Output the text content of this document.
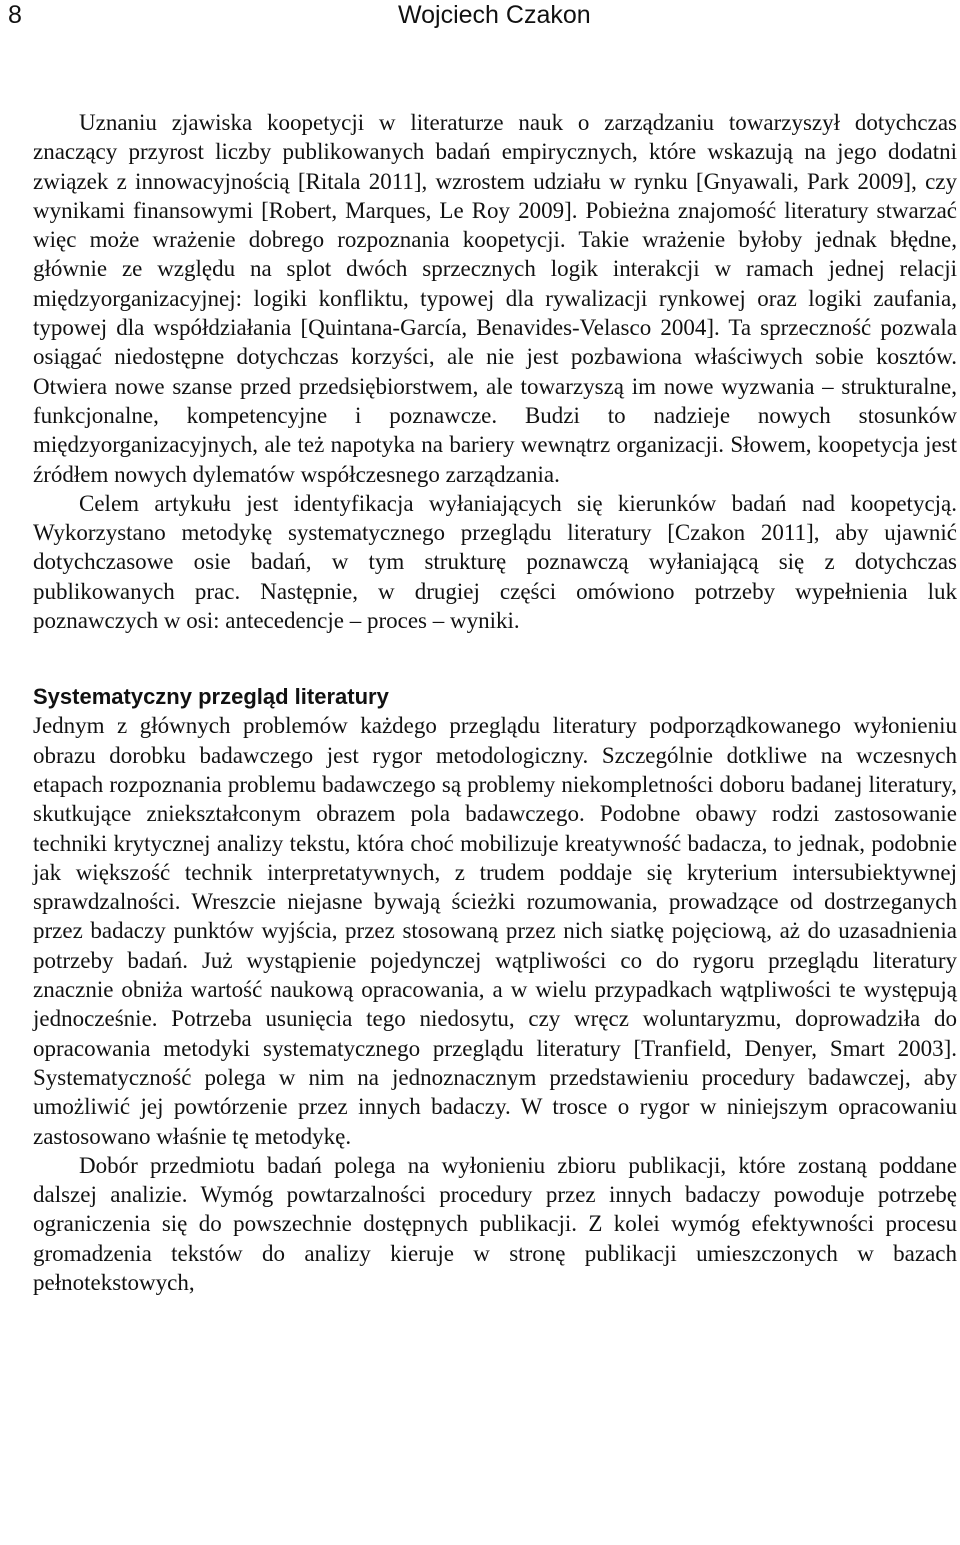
8	Wojciech Czakon

Uznaniu zjawiska koopetycji w literaturze nauk o zarządzaniu towarzyszył dotychczas znaczący przyrost liczby publikowanych badań empirycznych, które wskazują na jego dodatni związek z innowacyjnością [Ritala 2011], wzrostem udziału w rynku [Gnyawali, Park 2009], czy wynikami finansowymi [Robert, Marques, Le Roy 2009]. Pobieżna znajomość literatury stwarzać więc może wrażenie dobrego rozpoznania koopetycji. Takie wrażenie byłoby jednak błędne, głównie ze względu na splot dwóch sprzecznych logik interakcji w ramach jednej relacji międzyorganizacyjnej: logiki konfliktu, typowej dla rywalizacji rynkowej oraz logiki zaufania, typowej dla współdziałania [Quintana-García, Benavides-Velasco 2004]. Ta sprzeczność pozwala osiągać niedostępne dotychczas korzyści, ale nie jest pozbawiona właściwych sobie kosztów. Otwiera nowe szanse przed przedsiębiorstwem, ale towarzyszą im nowe wyzwania – strukturalne, funkcjonalne, kompetencyjne i poznawcze. Budzi to nadzieje nowych stosunków międzyorganizacyjnych, ale też napotyka na bariery wewnątrz organizacji. Słowem, koopetycja jest źródłem nowych dylematów współczesnego zarządzania.

Celem artykułu jest identyfikacja wyłaniających się kierunków badań nad koopetycją. Wykorzystano metodykę systematycznego przeglądu literatury [Czakon 2011], aby ujawnić dotychczasowe osie badań, w tym strukturę poznawczą wyłaniającą się z dotychczas publikowanych prac. Następnie, w drugiej części omówiono potrzeby wypełnienia luk poznawczych w osi: antecedencje – proces – wyniki.

Systematyczny przegląd literatury

Jednym z głównych problemów każdego przeglądu literatury podporządkowanego wyłonieniu obrazu dorobku badawczego jest rygor metodologiczny. Szczególnie dotkliwe na wczesnych etapach rozpoznania problemu badawczego są problemy niekompletności doboru badanej literatury, skutkujące zniekształconym obrazem pola badawczego. Podobne obawy rodzi zastosowanie techniki krytycznej analizy tekstu, która choć mobilizuje kreatywność badacza, to jednak, podobnie jak większość technik interpretatywnych, z trudem poddaje się kryterium intersubiektywnej sprawdzalności. Wreszcie niejasne bywają ścieżki rozumowania, prowadzące od dostrzeganych przez badaczy punktów wyjścia, przez stosowaną przez nich siatkę pojęciową, aż do uzasadnienia potrzeby badań. Już wystąpienie pojedynczej wątpliwości co do rygoru przeglądu literatury znacznie obniża wartość naukową opracowania, a w wielu przypadkach wątpliwości te występują jednocześnie. Potrzeba usunięcia tego niedosytu, czy wręcz woluntaryzmu, doprowadziła do opracowania metodyki systematycznego przeglądu literatury [Tranfield, Denyer, Smart 2003]. Systematyczność polega w nim na jednoznacznym przedstawieniu procedury badawczej, aby umożliwić jej powtórzenie przez innych badaczy. W trosce o rygor w niniejszym opracowaniu zastosowano właśnie tę metodykę.

Dobór przedmiotu badań polega na wyłonieniu zbioru publikacji, które zostaną poddane dalszej analizie. Wymóg powtarzalności procedury przez innych badaczy powoduje potrzebę ograniczenia się do powszechnie dostępnych publikacji. Z kolei wymóg efektywności procesu gromadzenia tekstów do analizy kieruje w stronę publikacji umieszczonych w bazach pełnotekstowych,
